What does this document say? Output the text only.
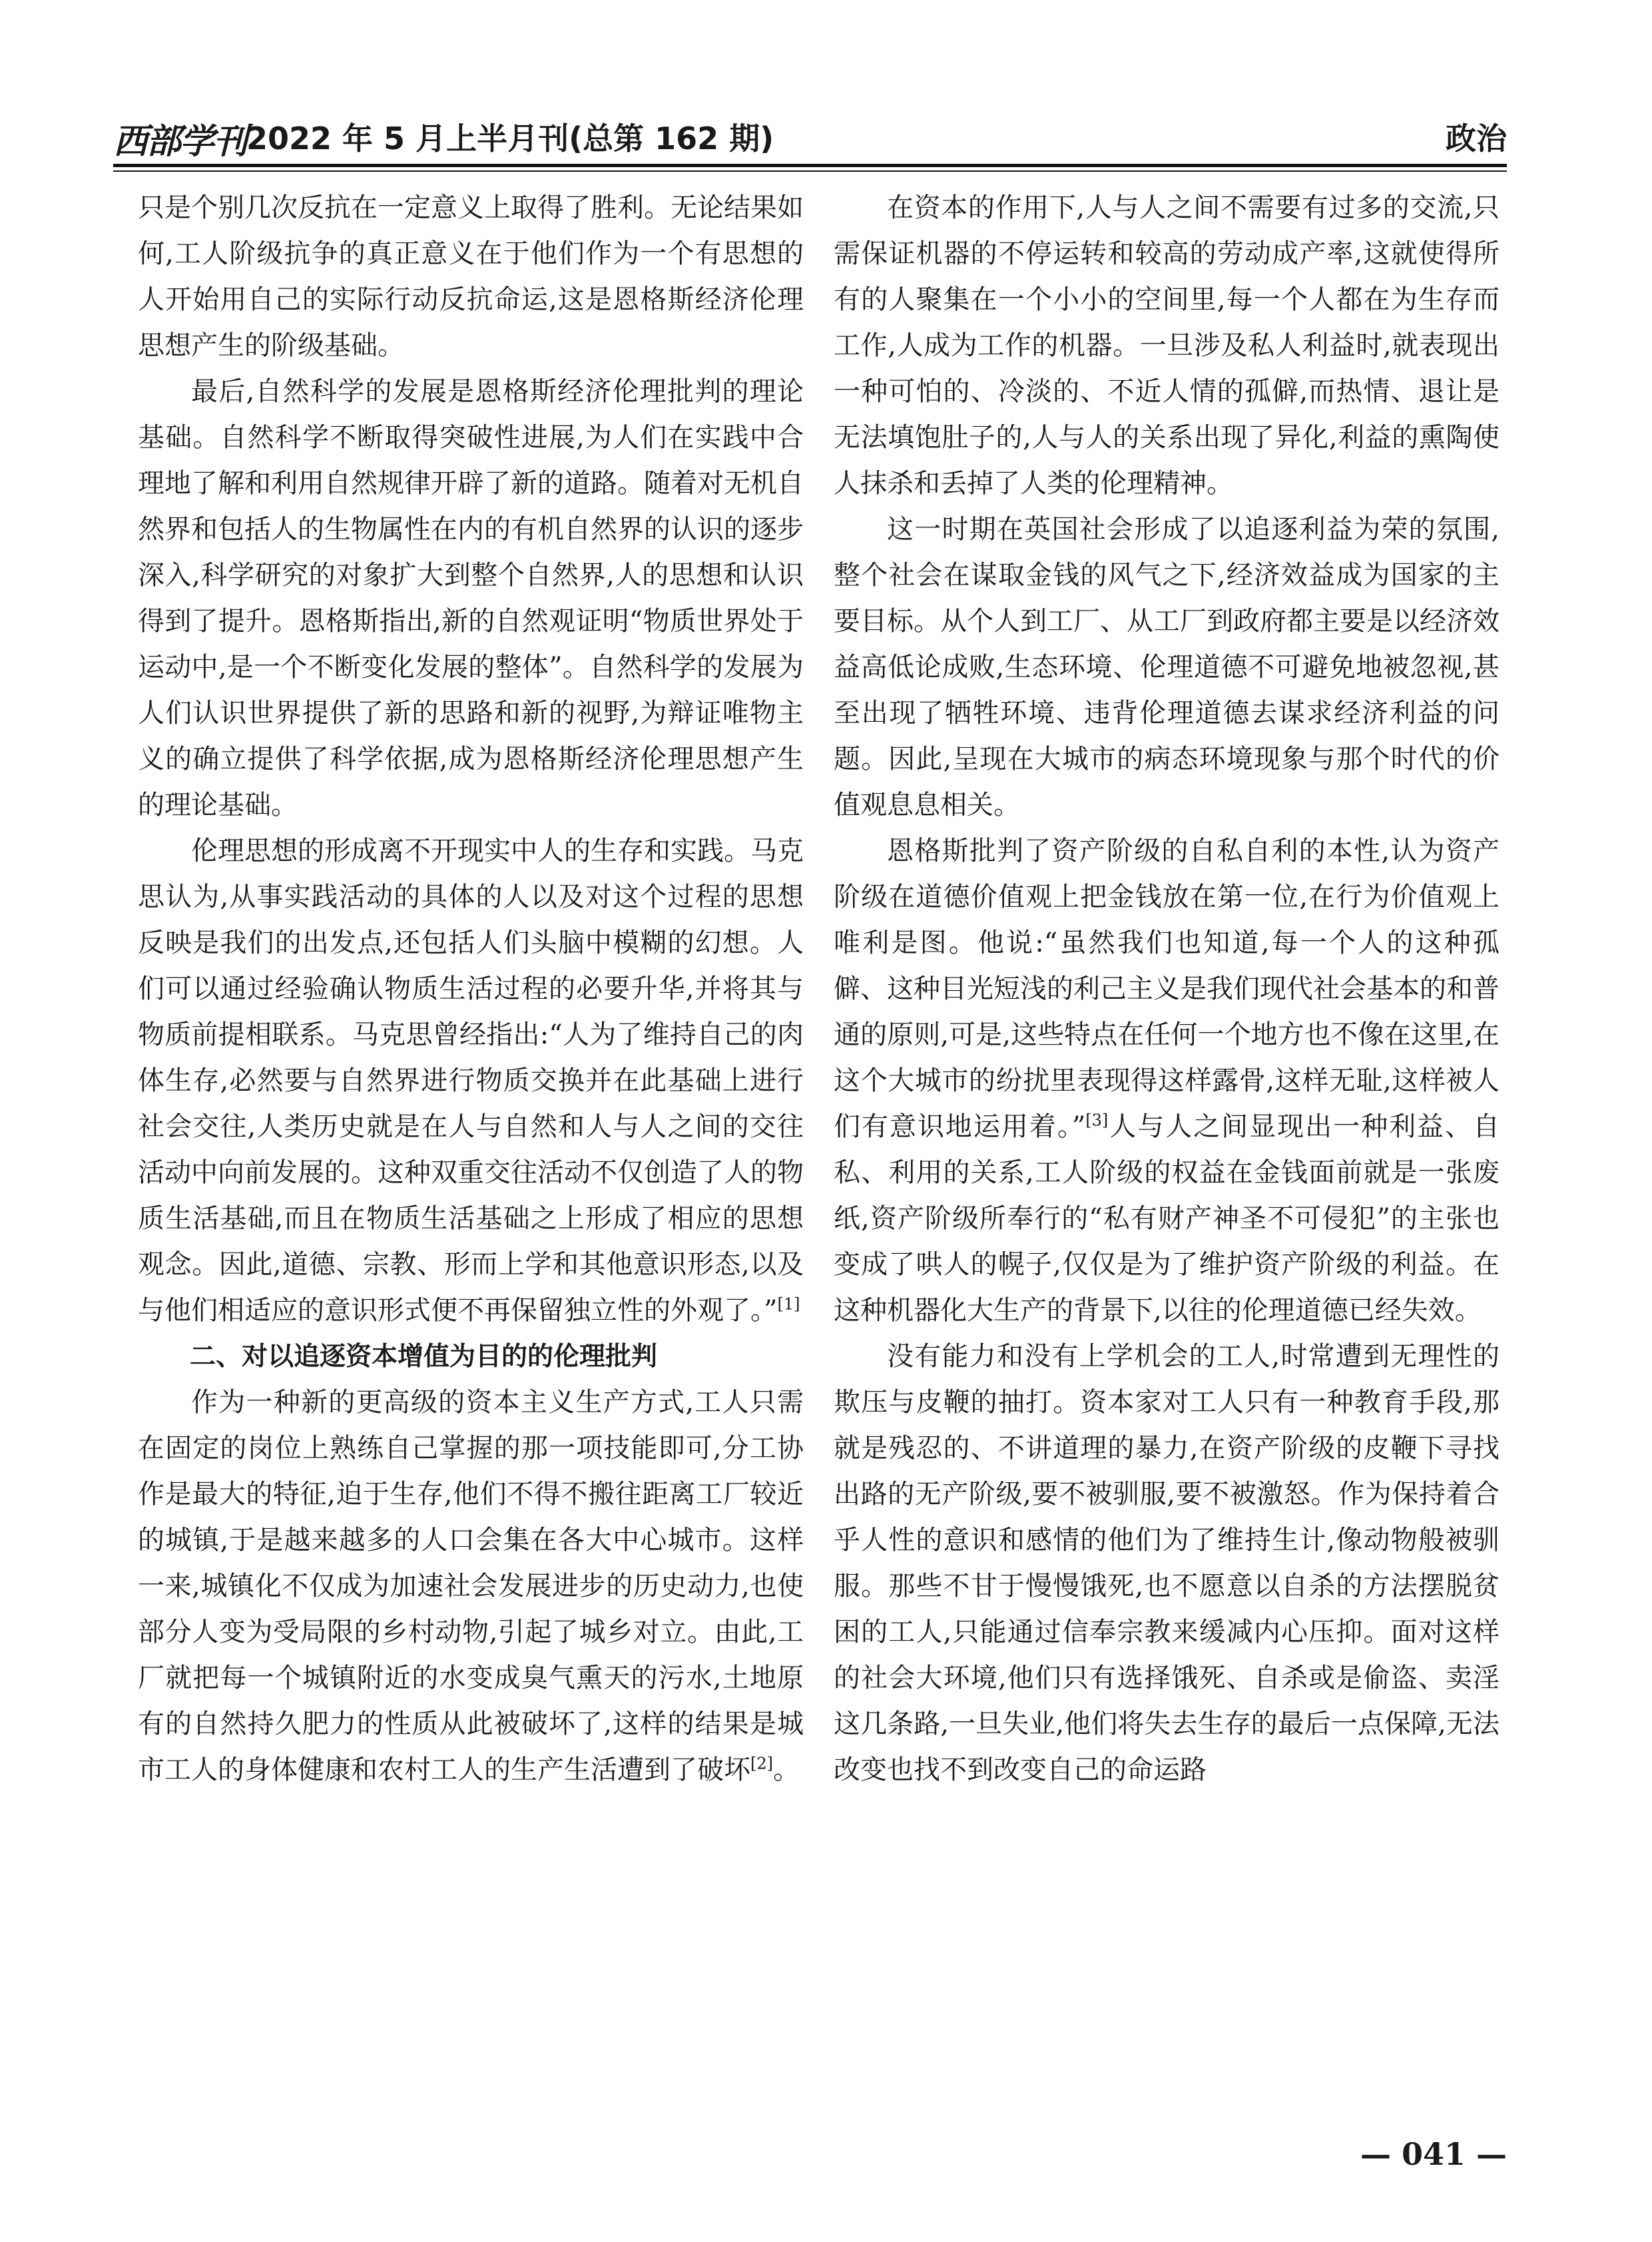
西部学刊 2022 年 5 月上半月刊(总第 162 期)	政治

只是个别几次反抗在一定意义上取得了胜利。无论结果如何,工人阶级抗争的真正意义在于他们作为一个有思想的人开始用自己的实际行动反抗命运,这是恩格斯经济伦理思想产生的阶级基础。

最后,自然科学的发展是恩格斯经济伦理批判的理论基础。自然科学不断取得突破性进展,为人们在实践中合理地了解和利用自然规律开辟了新的道路。随着对无机自然界和包括人的生物属性在内的有机自然界的认识的逐步深入,科学研究的对象扩大到整个自然界,人的思想和认识得到了提升。恩格斯指出,新的自然观证明“物质世界处于运动中,是一个不断变化发展的整体”。自然科学的发展为人们认识世界提供了新的思路和新的视野,为辩证唯物主义的确立提供了科学依据,成为恩格斯经济伦理思想产生的理论基础。

伦理思想的形成离不开现实中人的生存和实践。马克思认为,从事实践活动的具体的人以及对这个过程的思想反映是我们的出发点,还包括人们头脑中模糊的幻想。人们可以通过经验确认物质生活过程的必要升华,并将其与物质前提相联系。马克思曾经指出:“人为了维持自己的肉体生存,必然要与自然界进行物质交换并在此基础上进行社会交往,人类历史就是在人与自然和人与人之间的交往活动中向前发展的。这种双重交往活动不仅创造了人的物质生活基础,而且在物质生活基础之上形成了相应的思想观念。因此,道德、宗教、形而上学和其他意识形态,以及与他们相适应的意识形式便不再保留独立性的外观了。”[1]

二、对以追逐资本增值为目的的伦理批判

作为一种新的更高级的资本主义生产方式,工人只需在固定的岗位上熟练自己掌握的那一项技能即可,分工协作是最大的特征,迫于生存,他们不得不搬往距离工厂较近的城镇,于是越来越多的人口会集在各大中心城市。这样一来,城镇化不仅成为加速社会发展进步的历史动力,也使部分人变为受局限的乡村动物,引起了城乡对立。由此,工厂就把每一个城镇附近的水变成臭气熏天的污水,土地原有的自然持久肥力的性质从此被破坏了,这样的结果是城市工人的身体健康和农村工人的生产生活遭到了破坏[2]。

在资本的作用下,人与人之间不需要有过多的交流,只需保证机器的不停运转和较高的劳动成产率,这就使得所有的人聚集在一个小小的空间里,每一个人都在为生存而工作,人成为工作的机器。一旦涉及私人利益时,就表现出一种可怕的、冷淡的、不近人情的孤僻,而热情、退让是无法填饱肚子的,人与人的关系出现了异化,利益的熏陶使人抹杀和丢掉了人类的伦理精神。

这一时期在英国社会形成了以追逐利益为荣的氛围,整个社会在谋取金钱的风气之下,经济效益成为国家的主要目标。从个人到工厂、从工厂到政府都主要是以经济效益高低论成败,生态环境、伦理道德不可避免地被忽视,甚至出现了牺牲环境、违背伦理道德去谋求经济利益的问题。因此,呈现在大城市的病态环境现象与那个时代的价值观息息相关。

恩格斯批判了资产阶级的自私自利的本性,认为资产阶级在道德价值观上把金钱放在第一位,在行为价值观上唯利是图。他说:“虽然我们也知道,每一个人的这种孤僻、这种目光短浅的利己主义是我们现代社会基本的和普通的原则,可是,这些特点在任何一个地方也不像在这里,在这个大城市的纷扰里表现得这样露骨,这样无耻,这样被人们有意识地运用着。”[3]人与人之间显现出一种利益、自私、利用的关系,工人阶级的权益在金钱面前就是一张废纸,资产阶级所奉行的“私有财产神圣不可侵犯”的主张也变成了哄人的幌子,仅仅是为了维护资产阶级的利益。在这种机器化大生产的背景下,以往的伦理道德已经失效。

没有能力和没有上学机会的工人,时常遭到无理性的欺压与皮鞭的抽打。资本家对工人只有一种教育手段,那就是残忍的、不讲道理的暴力,在资产阶级的皮鞭下寻找出路的无产阶级,要不被驯服,要不被激怒。作为保持着合乎人性的意识和感情的他们为了维持生计,像动物般被驯服。那些不甘于慢慢饿死,也不愿意以自杀的方法摆脱贫困的工人,只能通过信奉宗教来缓减内心压抑。面对这样的社会大环境,他们只有选择饿死、自杀或是偷盗、卖淫这几条路,一旦失业,他们将失去生存的最后一点保障,无法改变也找不到改变自己的命运路

— 041 —
